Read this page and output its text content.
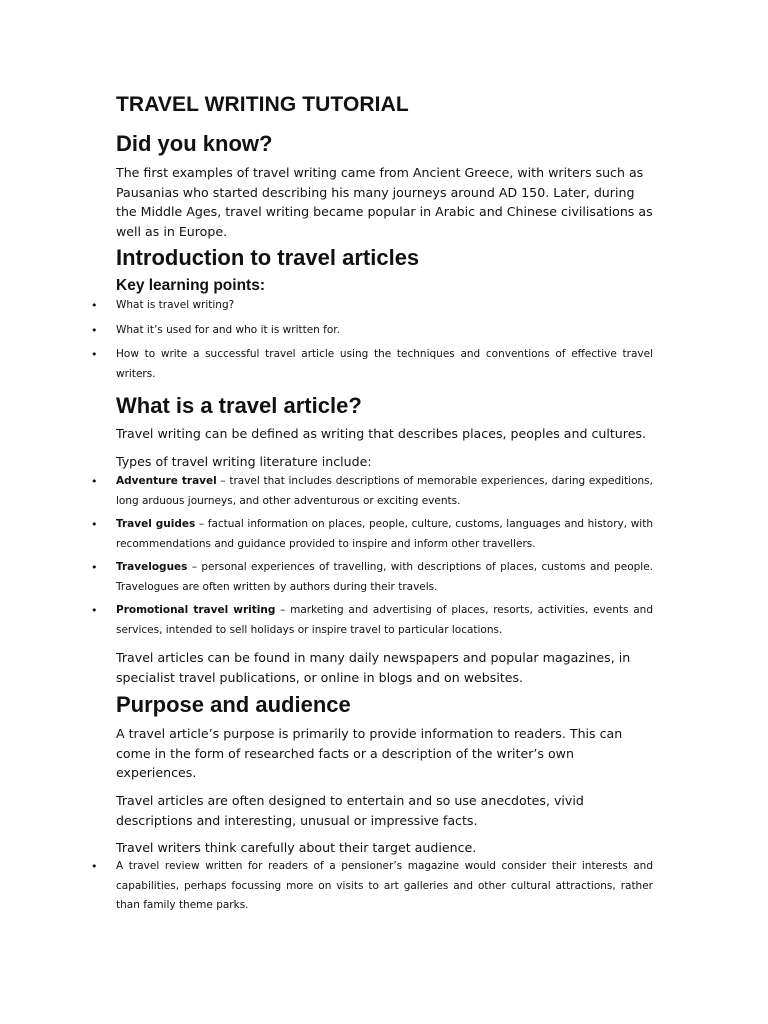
TRAVEL WRITING TUTORIAL
Did you know?
The first examples of travel writing came from Ancient Greece, with writers such as Pausanias who started describing his many journeys around AD 150. Later, during the Middle Ages, travel writing became popular in Arabic and Chinese civilisations as well as in Europe.
Introduction to travel articles
Key learning points:
• What is travel writing?
• What it’s used for and who it is written for.
• How to write a successful travel article using the techniques and conventions of effective travel writers.
What is a travel article?
Travel writing can be defined as writing that describes places, peoples and cultures.
Types of travel writing literature include:
• Adventure travel – travel that includes descriptions of memorable experiences, daring expeditions, long arduous journeys, and other adventurous or exciting events.
• Travel guides – factual information on places, people, culture, customs, languages and history, with recommendations and guidance provided to inspire and inform other travellers.
• Travelogues – personal experiences of travelling, with descriptions of places, customs and people. Travelogues are often written by authors during their travels.
• Promotional travel writing – marketing and advertising of places, resorts, activities, events and services, intended to sell holidays or inspire travel to particular locations.
Travel articles can be found in many daily newspapers and popular magazines, in specialist travel publications, or online in blogs and on websites.
Purpose and audience
A travel article’s purpose is primarily to provide information to readers. This can come in the form of researched facts or a description of the writer’s own experiences.
Travel articles are often designed to entertain and so use anecdotes, vivid descriptions and interesting, unusual or impressive facts.
Travel writers think carefully about their target audience.
• A travel review written for readers of a pensioner’s magazine would consider their interests and capabilities, perhaps focussing more on visits to art galleries and other cultural attractions, rather than family theme parks.
